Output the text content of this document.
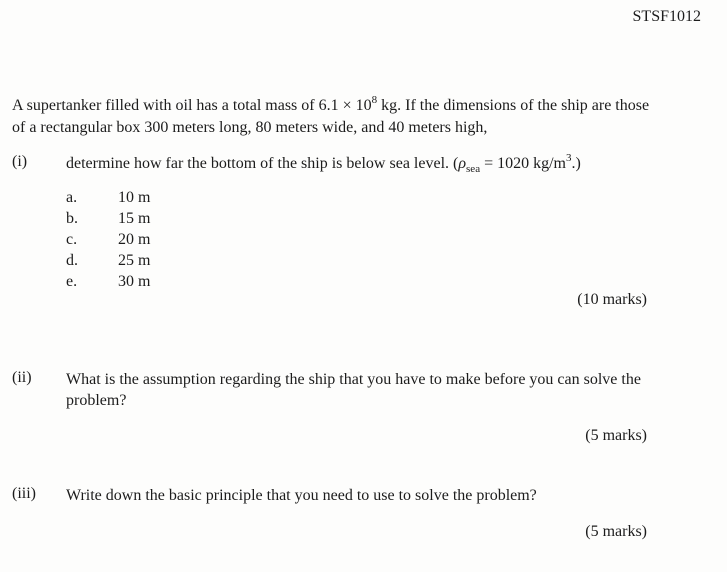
STSF1012
A supertanker filled with oil has a total mass of $6.1 \times 10^8$ kg. If the dimensions of the ship are those of a rectangular box 300 meters long, 80 meters wide, and 40 meters high,
(i) determine how far the bottom of the ship is below sea level. ($\rho_{sea} = 1020$ $kg/m^3$.)
a.	10 m
b.	15 m
c.	20 m
d.	25 m
e.	30 m
(10 marks)
(ii) What is the assumption regarding the ship that you have to make before you can solve the problem?
(5 marks)
(iii) Write down the basic principle that you need to use to solve the problem?
(5 marks)
